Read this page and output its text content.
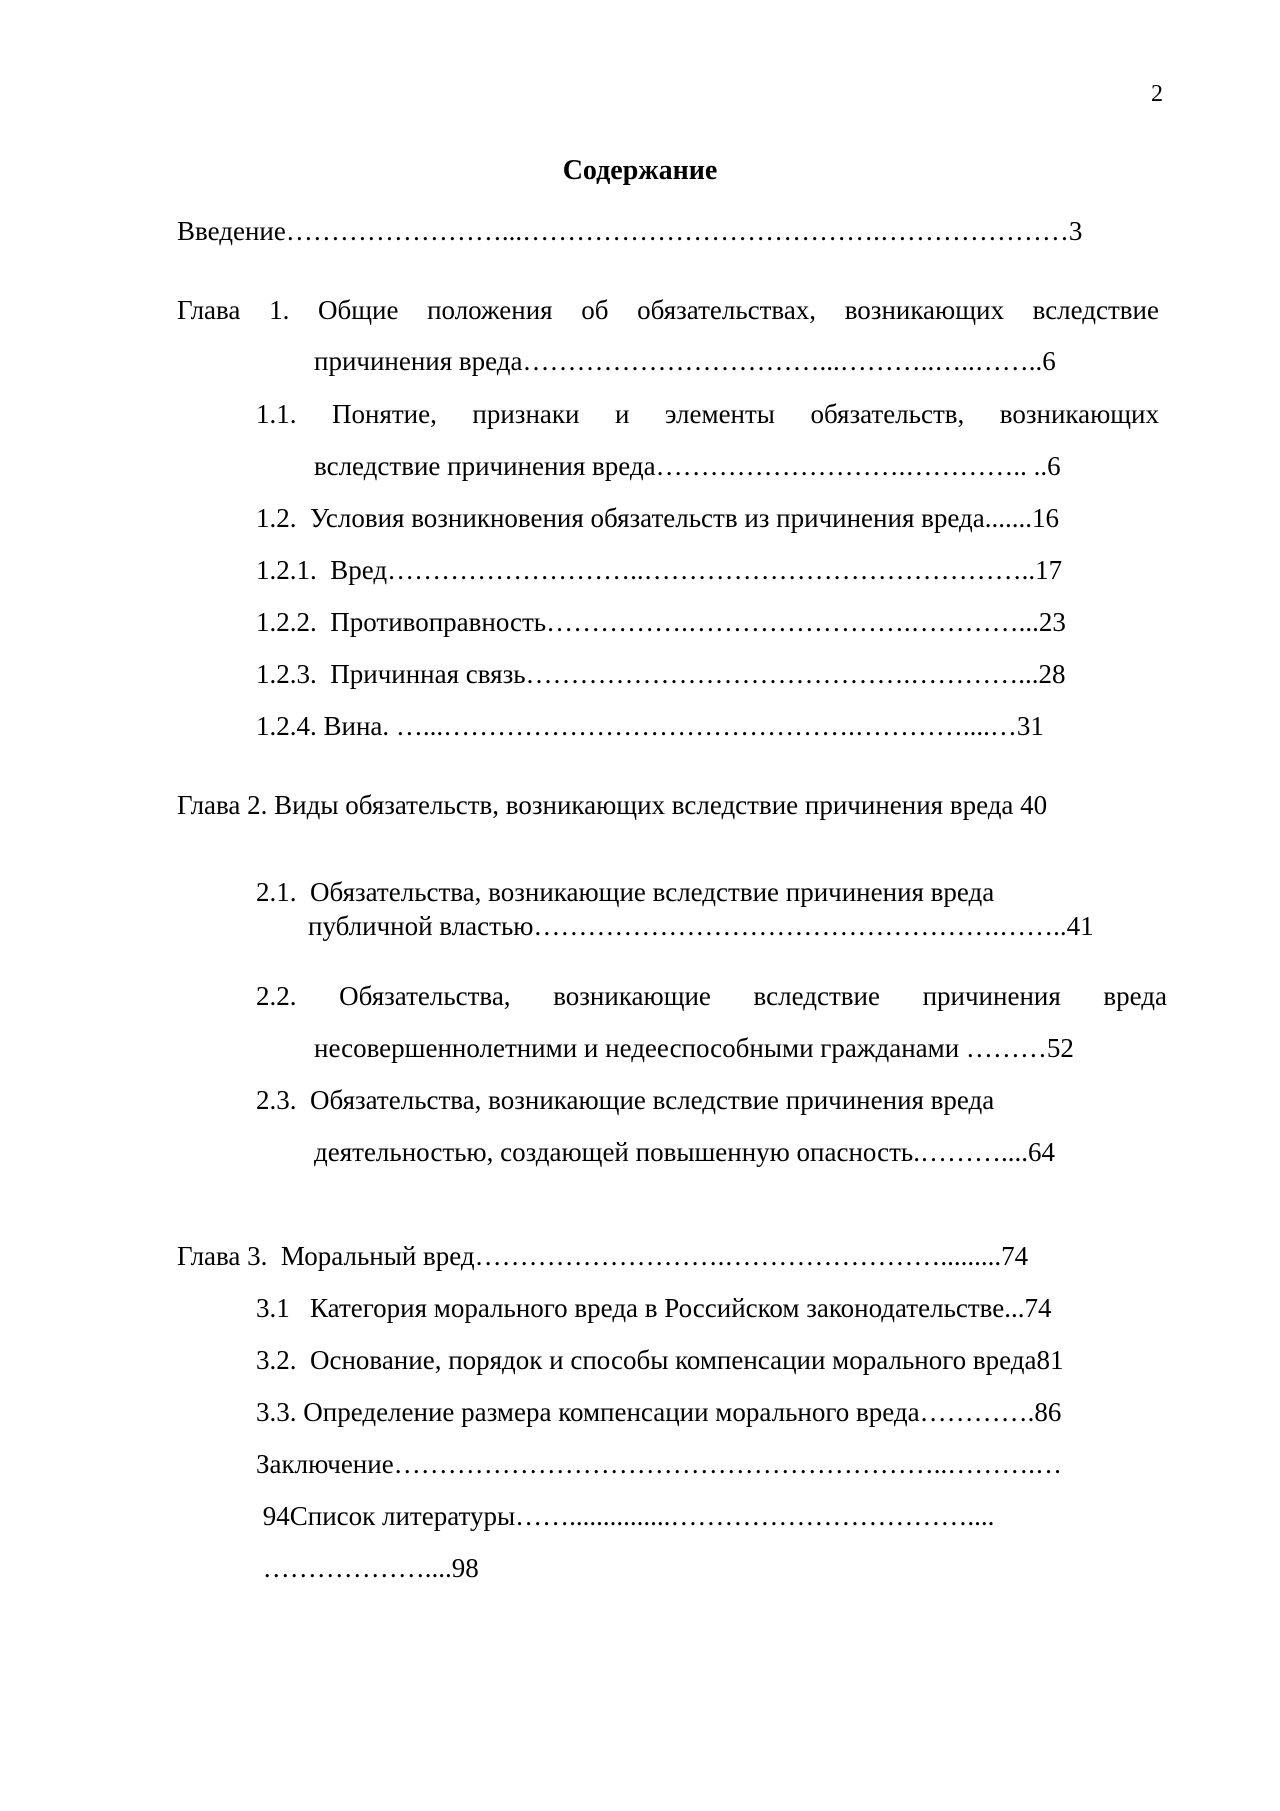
2
Содержание
Введение……………………...………………………………….…………………3
Глава 1. Общие положения об обязательствах, возникающих вследствие
причинения вреда……………………………...………..…..……..6
1.1. Понятие, признаки и элементы обязательств, возникающих
вследствие причинения вреда……………………….………….. ..6
1.2.  Условия возникновения обязательств из причинения вреда.......16
1.2.1.  Вред………………………..……………………………………..17
1.2.2.  Противоправность…………….…………………….…………...23
1.2.3.  Причинная связь…………………………………….…………...28
1.2.4. Вина. …...……………………………………….…………....…31
Глава 2. Виды обязательств, возникающих вследствие причинения вреда 40
2.1.  Обязательства, возникающие вследствие причинения вреда
публичной властью…………………………………………….……..41
2.2. Обязательства, возникающие вследствие причинения вреда
несовершеннолетними и недееспособными гражданами ………52
2.3.  Обязательства, возникающие вследствие причинения вреда
деятельностью, создающей повышенную опасность.………....64
Глава 3.  Моральный вред……………………….…………………….........74
3.1   Категория морального вреда в Российском законодательстве...74
3.2.  Основание, порядок и способы компенсации морального вреда81
3.3. Определение размера компенсации морального вреда………….86
Заключение……………………………………………………..……….…
94Список литературы……...............……………………………....
………………....98
